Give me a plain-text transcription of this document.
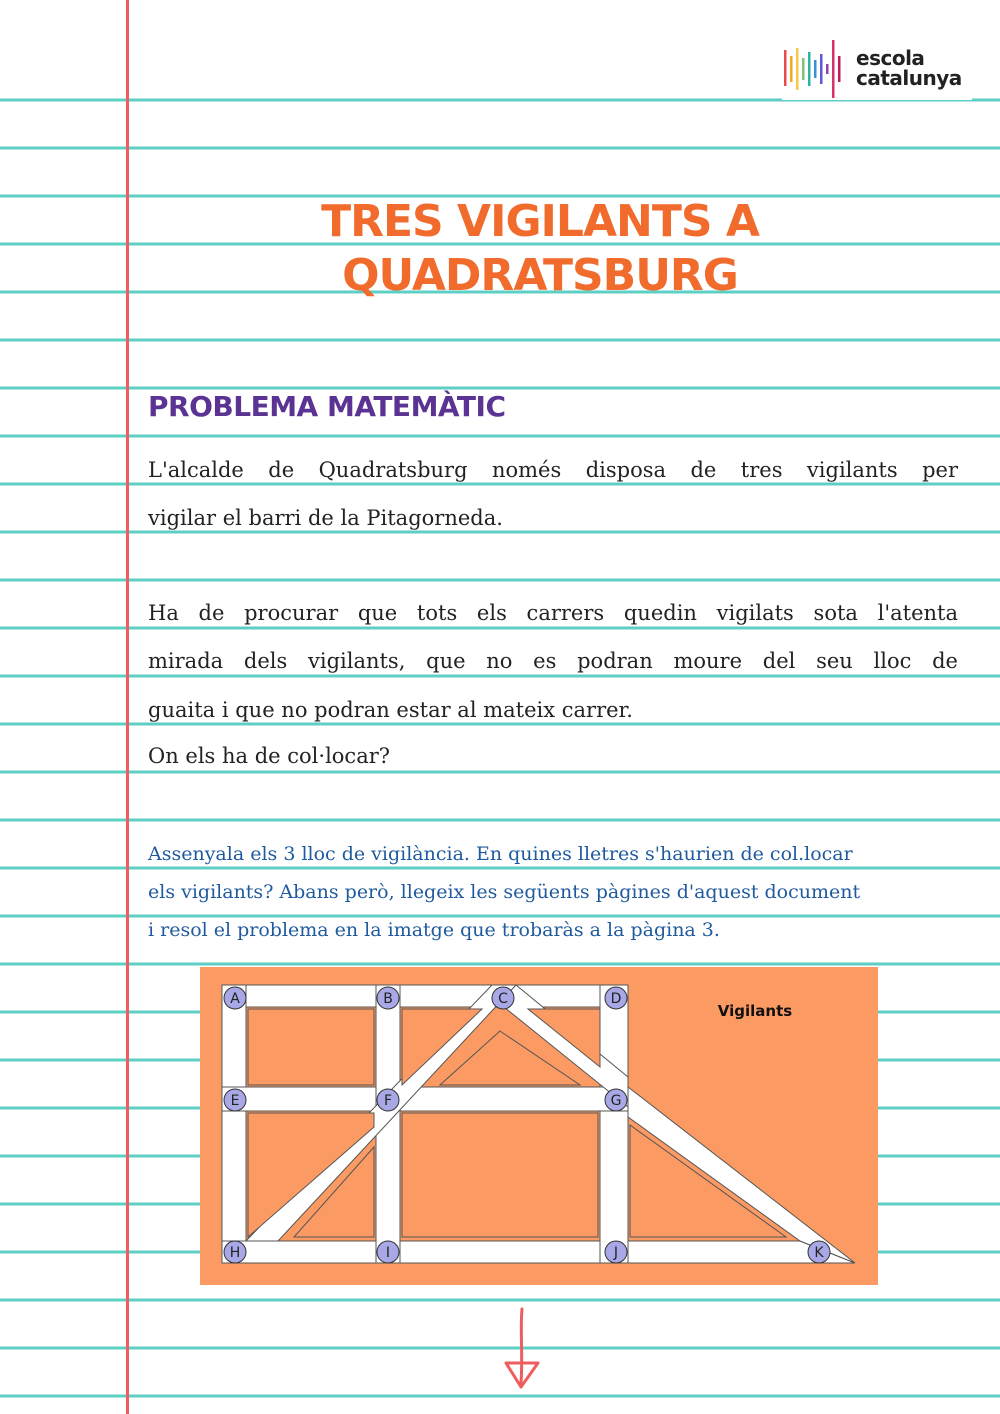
escola
catalunya
TRES VIGILANTS A
QUADRATSBURG
PROBLEMA MATEMÀTIC
L'alcalde de Quadratsburg només disposa de tres vigilants per
vigilar el barri de la Pitagorneda.
Ha de procurar que tots els carrers quedin vigilats sota l'atenta
mirada dels vigilants, que no es podran moure del seu lloc de
guaita i que no podran estar al mateix carrer.
On els ha de col·locar?
Assenyala els 3 lloc de vigilància. En quines lletres s'haurien de col.locar
els vigilants? Abans però, llegeix les següents pàgines d'aquest document
i resol el problema en la imatge que trobaràs a la pàgina 3.
A	B	C	D
E	F	G
H	I	J	K
Vigilants
